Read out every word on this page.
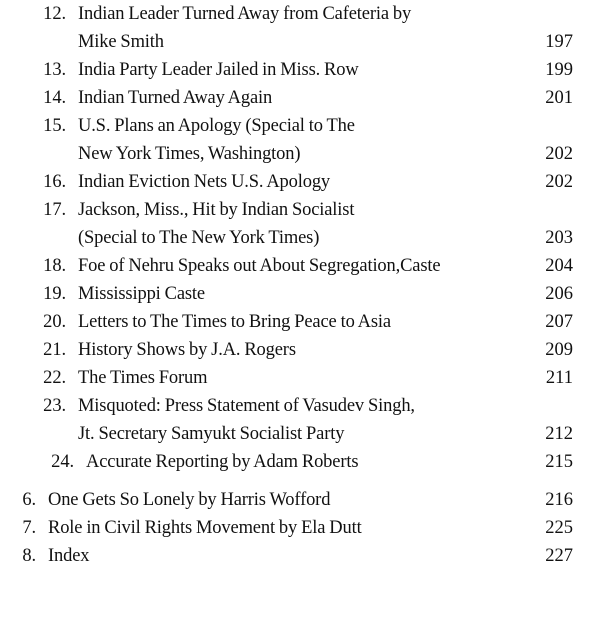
12. Indian Leader Turned Away from Cafeteria by
Mike Smith	197
13. India Party Leader Jailed in Miss. Row	199
14. Indian Turned Away Again	201
15. U.S. Plans an Apology (Special to The
New York Times, Washington)	202
16. Indian Eviction Nets U.S. Apology	202
17. Jackson, Miss., Hit by Indian Socialist
(Special to The New York Times)	203
18. Foe of Nehru Speaks out About Segregation,Caste	204
19. Mississippi Caste	206
20. Letters to The Times to Bring Peace to Asia	207
21. History Shows by J.A. Rogers	209
22. The Times Forum	211
23. Misquoted: Press Statement of Vasudev Singh,
Jt. Secretary Samyukt Socialist Party	212
24. Accurate Reporting by Adam Roberts	215
6. One Gets So Lonely by Harris Wofford	216
7. Role in Civil Rights Movement by Ela Dutt	225
8. Index	227
